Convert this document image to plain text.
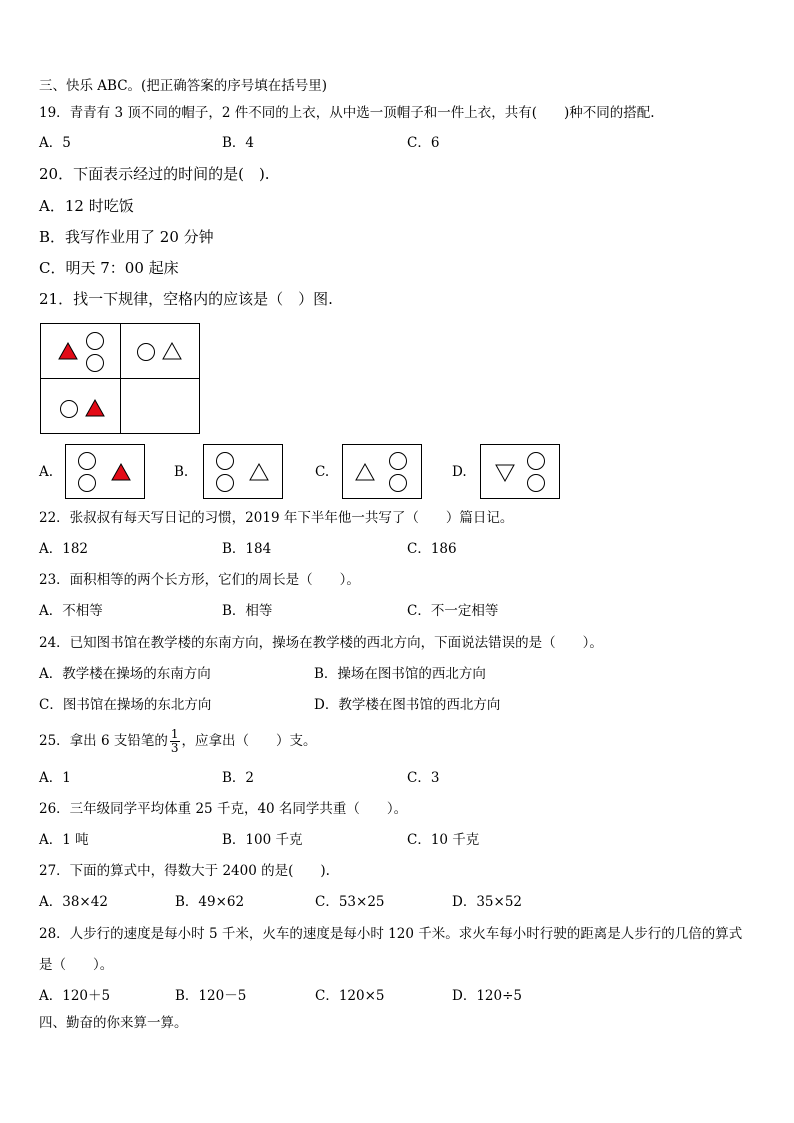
三、快乐 ABC。(把正确答案的序号填在括号里)
19．青青有 3 顶不同的帽子，2 件不同的上衣，从中选一顶帽子和一件上衣，共有(　　)种不同的搭配.
A．5	B．4	C．6
20．下面表示经过的时间的是(　).
A．12 时吃饭
B．我写作业用了 20 分钟
C．明天 7：00 起床
21．找一下规律，空格内的应该是（　）图.
A.	B.	C.	D.
22．张叔叔有每天写日记的习惯，2019 年下半年他一共写了（　　）篇日记。
A．182	B．184	C．186
23．面积相等的两个长方形，它们的周长是（　　）。
A．不相等	B．相等	C．不一定相等
24．已知图书馆在教学楼的东南方向，操场在教学楼的西北方向，下面说法错误的是（　　）。
A．教学楼在操场的东南方向	B．操场在图书馆的西北方向
C．图书馆在操场的东北方向	D．教学楼在图书馆的西北方向
25．拿出 6 支铅笔的 $\frac{1}{3}$ ，应拿出（　　）支。
A．1	B．2	C．3
26．三年级同学平均体重 25 千克，40 名同学共重（　　）。
A．1 吨	B．100 千克	C．10 千克
27．下面的算式中，得数大于 2400 的是(　　).
A．38×42	B．49×62	C．53×25	D．35×52
28．人步行的速度是每小时 5 千米，火车的速度是每小时 120 千米。求火车每小时行驶的距离是人步行的几倍的算式
是（　　）。
A．120＋5	B．120－5	C．120×5	D．120÷5
四、勤奋的你来算一算。
